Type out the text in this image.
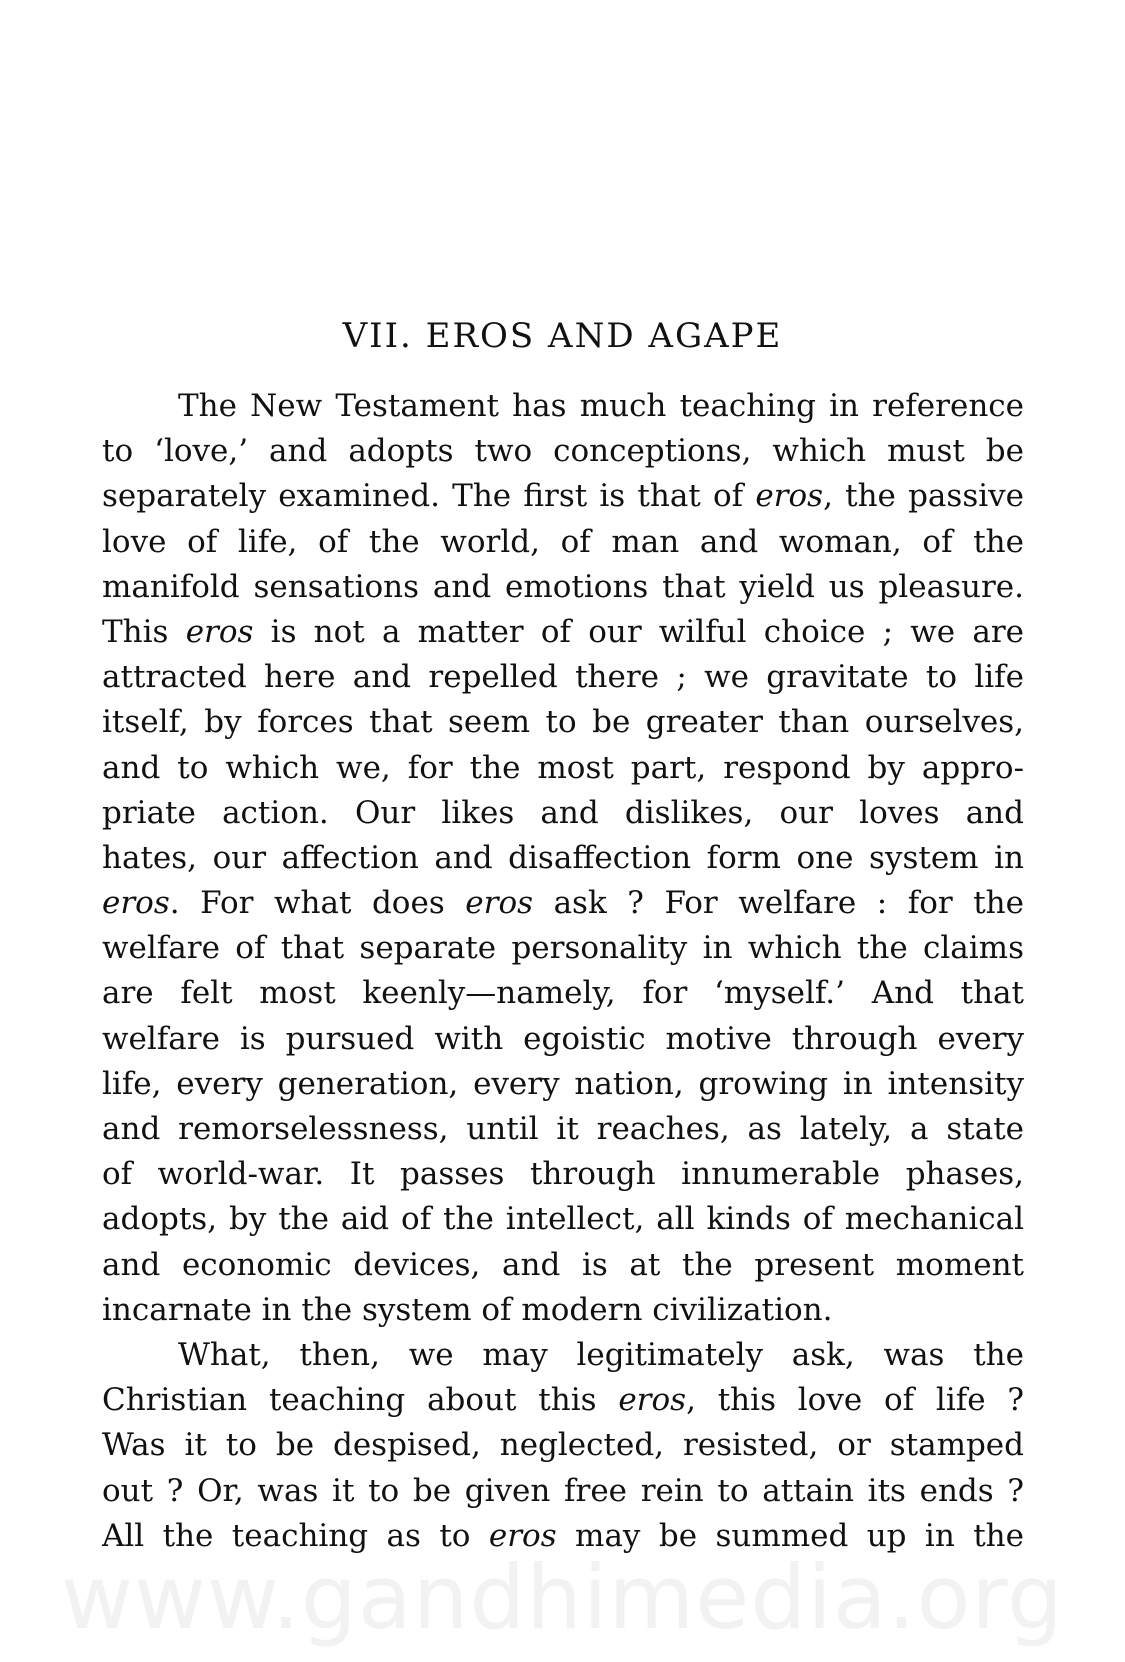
VII. EROS AND AGAPE
The New Testament has much teaching in reference
to ‘love,’ and adopts two conceptions, which must be
separately examined. The first is that of eros, the passive
love of life, of the world, of man and woman, of the
manifold sensations and emotions that yield us pleasure.
This eros is not a matter of our wilful choice ; we are
attracted here and repelled there ; we gravitate to life
itself, by forces that seem to be greater than ourselves,
and to which we, for the most part, respond by appro-
priate action. Our likes and dislikes, our loves and
hates, our affection and disaffection form one system in
eros. For what does eros ask ? For welfare : for the
welfare of that separate personality in which the claims
are felt most keenly—namely, for ‘myself.’ And that
welfare is pursued with egoistic motive through every
life, every generation, every nation, growing in intensity
and remorselessness, until it reaches, as lately, a state
of world-war. It passes through innumerable phases,
adopts, by the aid of the intellect, all kinds of mechanical
and economic devices, and is at the present moment
incarnate in the system of modern civilization.
What, then, we may legitimately ask, was the
Christian teaching about this eros, this love of life ?
Was it to be despised, neglected, resisted, or stamped
out ? Or, was it to be given free rein to attain its ends ?
All the teaching as to eros may be summed up in the
www.gandhimedia.org
